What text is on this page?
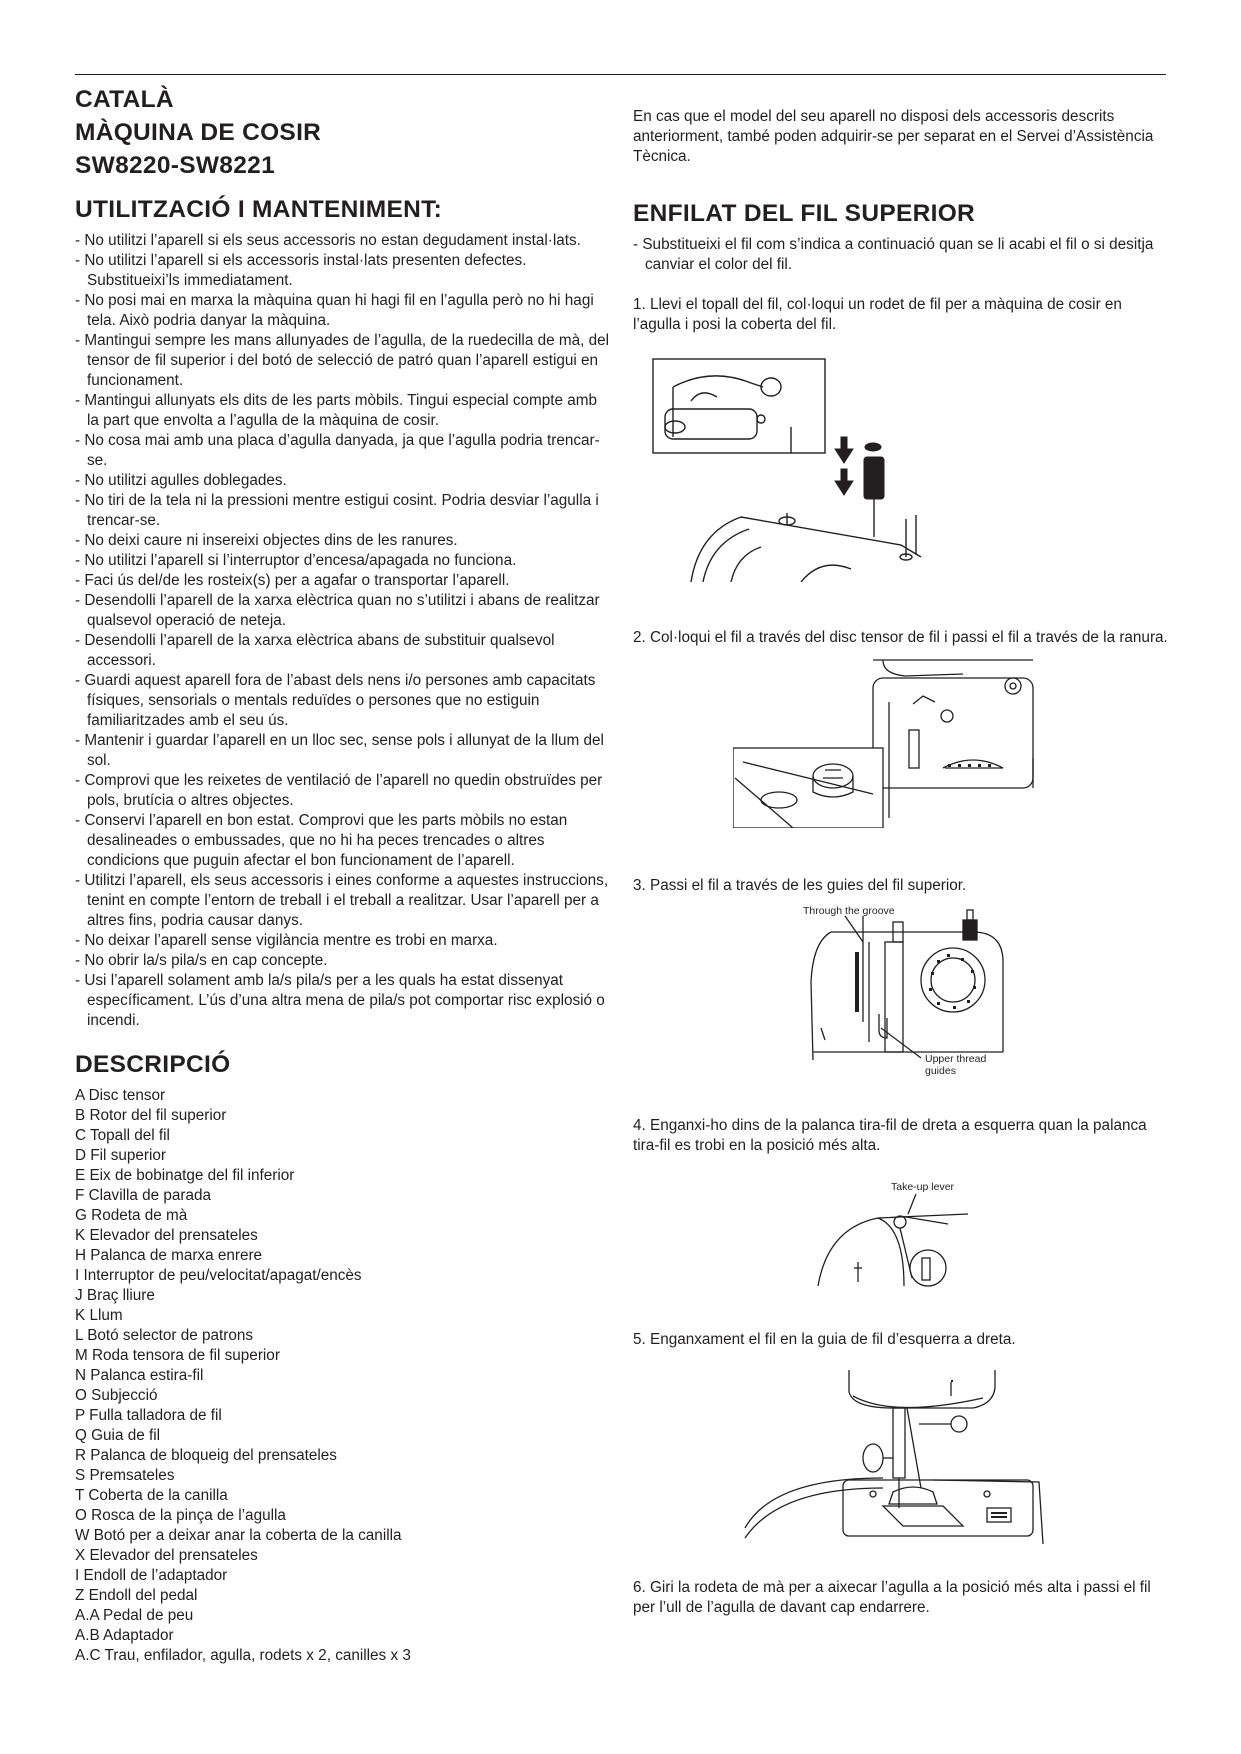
CATALÀ
MÀQUINA DE COSIR
SW8220-SW8221
UTILITZACIÓ I MANTENIMENT:
- No utilitzi l’aparell si els seus accessoris no estan degudament instal·lats.
- No utilitzi l’aparell si els accessoris instal·lats presenten defectes. Substitueixi’ls immediatament.
- No posi mai en marxa la màquina quan hi hagi fil en l’agulla però no hi hagi tela. Això podria danyar la màquina.
- Mantingui sempre les mans allunyades de l’agulla, de la ruedecilla de mà, del tensor de fil superior i del botó de selecció de patró quan l’aparell estigui en funcionament.
- Mantingui allunyats els dits de les parts mòbils. Tingui especial compte amb la part que envolta a l’agulla de la màquina de cosir.
- No cosa mai amb una placa d’agulla danyada, ja que l’agulla podria trencar-se.
- No utilitzi agulles doblegades.
- No tiri de la tela ni la pressioni mentre estigui cosint. Podria desviar l’agulla i trencar-se.
- No deixi caure ni insereixi objectes dins de les ranures.
- No utilitzi l’aparell si l’interruptor d’encesa/apagada no funciona.
- Faci ús del/de les rosteix(s) per a agafar o transportar l’aparell.
- Desendolli l’aparell de la xarxa elèctrica quan no s’utilitzi i abans de realitzar qualsevol operació de neteja.
- Desendolli l’aparell de la xarxa elèctrica abans de substituir qualsevol accessori.
- Guardi aquest aparell fora de l’abast dels nens i/o persones amb capacitats físiques, sensorials o mentals reduïdes o persones que no estiguin familiaritzades amb el seu ús.
- Mantenir i guardar l’aparell en un lloc sec, sense pols i allunyat de la llum del sol.
- Comprovi que les reixetes de ventilació de l’aparell no quedin obstruïdes per pols, brutícia o altres objectes.
- Conservi l’aparell en bon estat. Comprovi que les parts mòbils no estan desalineades o embussades, que no hi ha peces trencades o altres condicions que puguin afectar el bon funcionament de l’aparell.
- Utilitzi l’aparell, els seus accessoris i eines conforme a aquestes instruccions, tenint en compte l’entorn de treball i el treball a realitzar. Usar l’aparell per a altres fins, podria causar danys.
- No deixar l’aparell sense vigilància mentre es trobi en marxa.
- No obrir la/s pila/s en cap concepte.
- Usi l’aparell solament amb la/s pila/s per a les quals ha estat dissenyat específicament. L’ús d’una altra mena de pila/s pot comportar risc explosió o incendi.
DESCRIPCIÓ
A Disc tensor
B Rotor del fil superior
C Topall del fil
D Fil superior
E Eix de bobinatge del fil inferior
F Clavilla de parada
G Rodeta de mà
K Elevador del prensateles
H Palanca de marxa enrere
I Interruptor de peu/velocitat/apagat/encès
J Braç lliure
K Llum
L Botó selector de patrons
M Roda tensora de fil superior
N Palanca estira-fil
O Subjecció
P Fulla talladora de fil
Q Guia de fil
R Palanca de bloqueig del prensateles
S Premsateles
T Coberta de la canilla
O Rosca de la pinça de l’agulla
W Botó per a deixar anar la coberta de la canilla
X Elevador del prensateles
I Endoll de l’adaptador
Z Endoll del pedal
A.A Pedal de peu
A.B Adaptador
A.C Trau, enfilador, agulla, rodets x 2, canilles x 3

En cas que el model del seu aparell no disposi dels accessoris descrits anteriorment, també poden adquirir-se per separat en el Servei d’Assistència Tècnica.

ENFILAT DEL FIL SUPERIOR
- Substitueixi el fil com s’indica a continuació quan se li acabi el fil o si desitja canviar el color del fil.

1. Llevi el topall del fil, col·loqui un rodet de fil per a màquina de cosir en l’agulla i posi la coberta del fil.

2. Col·loqui el fil a través del disc tensor de fil i passi el fil a través de la ranura.

3. Passi el fil a través de les guies del fil superior.

Through the groove
Upper thread
guides

4. Enganxi-ho dins de la palanca tira-fil de dreta a esquerra quan la palanca tira-fil es trobi en la posició més alta.

Take-up lever

5. Enganxament el fil en la guia de fil d’esquerra a dreta.

6. Giri la rodeta de mà per a aixecar l’agulla a la posició més alta i passi el fil per l’ull de l’agulla de davant cap endarrere.
